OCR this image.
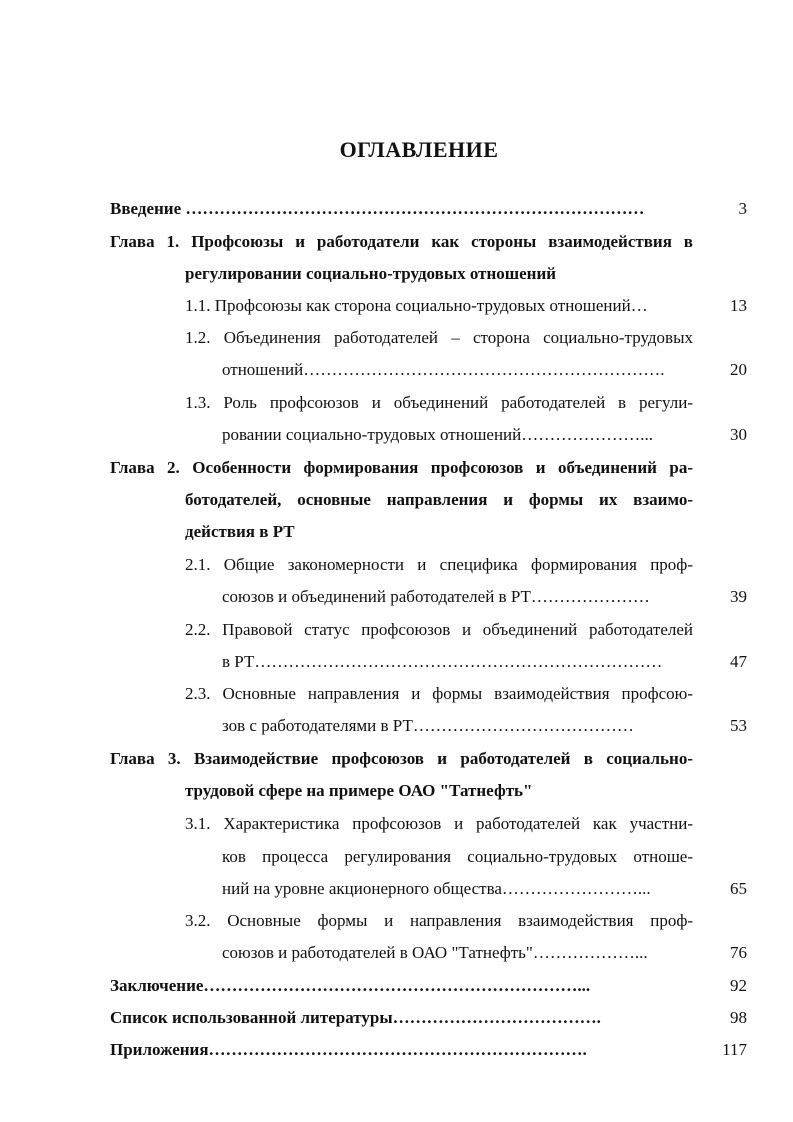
ОГЛАВЛЕНИЕ
Введение ………………………………………………………………………	3
Глава 1. Профсоюзы и работодатели как стороны взаимодействия в
регулировании социально-трудовых отношений
1.1. Профсоюзы как сторона социально-трудовых отношений…	13
1.2. Объединения работодателей – сторона социально-трудовых
отношений……………………………………………………….	20
1.3. Роль профсоюзов и объединений работодателей в регули-
ровании социально-трудовых отношений…………………...	30
Глава 2. Особенности формирования профсоюзов и объединений ра-
ботодателей, основные направления и формы их взаимо-
действия в РТ
2.1. Общие закономерности и специфика формирования проф-
союзов и объединений работодателей в РТ…………………	39
2.2. Правовой статус профсоюзов и объединений работодателей
в РТ………………………………………………………………	47
2.3. Основные направления и формы взаимодействия профсою-
зов с работодателями в РТ…………………………………	53
Глава 3. Взаимодействие профсоюзов и работодателей в социально-
трудовой сфере на примере ОАО "Татнефть"
3.1. Характеристика профсоюзов и работодателей как участни-
ков процесса регулирования социально-трудовых отноше-
ний на уровне акционерного общества……………………...	65
3.2. Основные формы и направления взаимодействия проф-
союзов и работодателей в ОАО "Татнефть"………………...	76
Заключение…………………………………………………………...	92
Список использованной литературы……………………………….	98
Приложения………………………………………………………….	117
